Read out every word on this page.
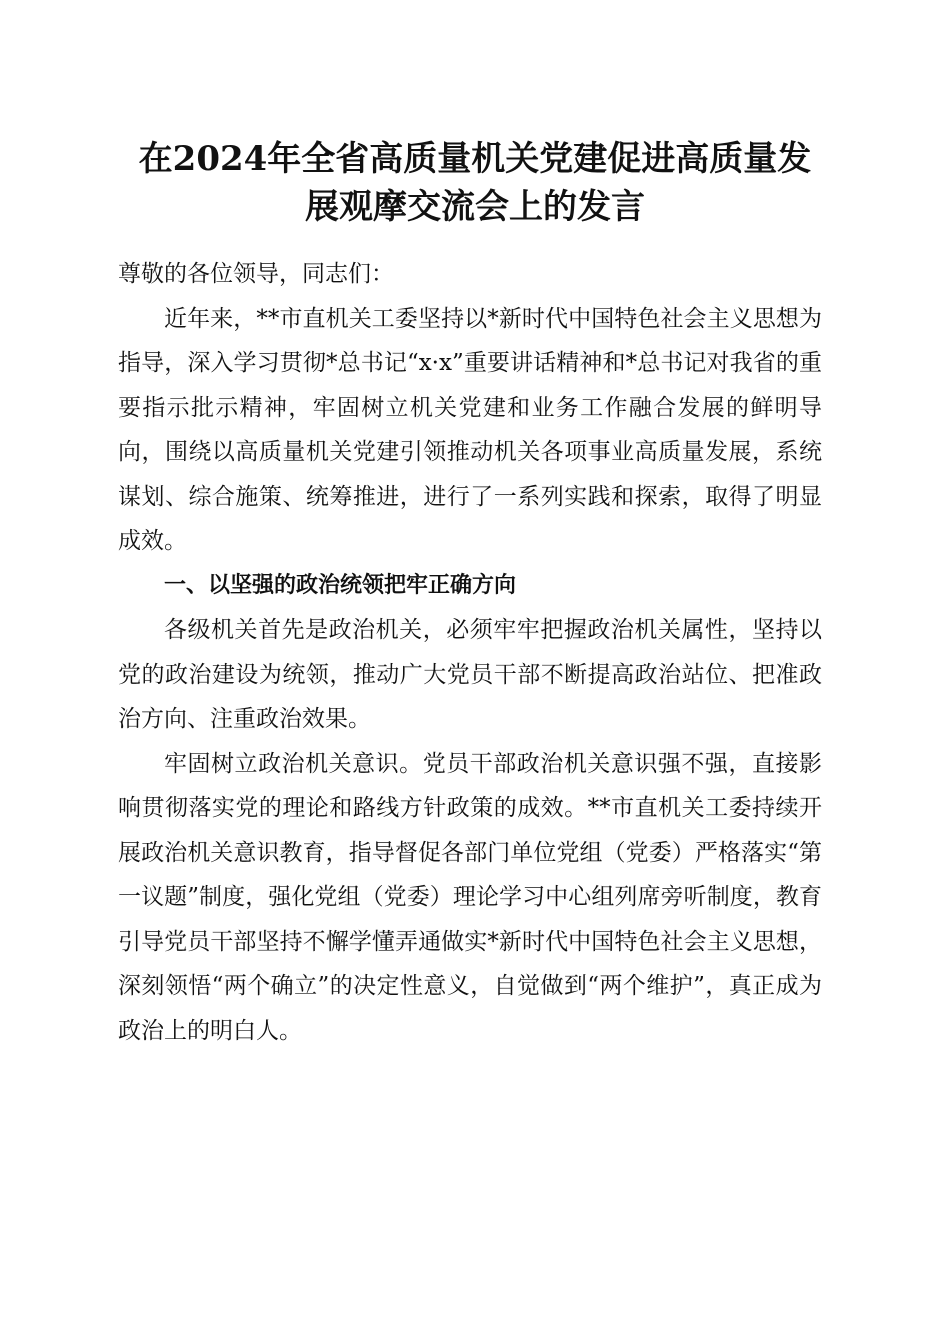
在2024年全省高质量机关党建促进高质量发
展观摩交流会上的发言

尊敬的各位领导，同志们：

近年来，**市直机关工委坚持以*新时代中国特色社会主义思想为指导，深入学习贯彻*总书记“x·x”重要讲话精神和*总书记对我省的重要指示批示精神，牢固树立机关党建和业务工作融合发展的鲜明导向，围绕以高质量机关党建引领推动机关各项事业高质量发展，系统谋划、综合施策、统筹推进，进行了一系列实践和探索，取得了明显成效。

一、以坚强的政治统领把牢正确方向

各级机关首先是政治机关，必须牢牢把握政治机关属性，坚持以党的政治建设为统领，推动广大党员干部不断提高政治站位、把准政治方向、注重政治效果。

牢固树立政治机关意识。党员干部政治机关意识强不强，直接影响贯彻落实党的理论和路线方针政策的成效。**市直机关工委持续开展政治机关意识教育，指导督促各部门单位党组（党委）严格落实“第一议题”制度，强化党组（党委）理论学习中心组列席旁听制度，教育引导党员干部坚持不懈学懂弄通做实*新时代中国特色社会主义思想，深刻领悟“两个确立”的决定性意义，自觉做到“两个维护”，真正成为政治上的明白人。
